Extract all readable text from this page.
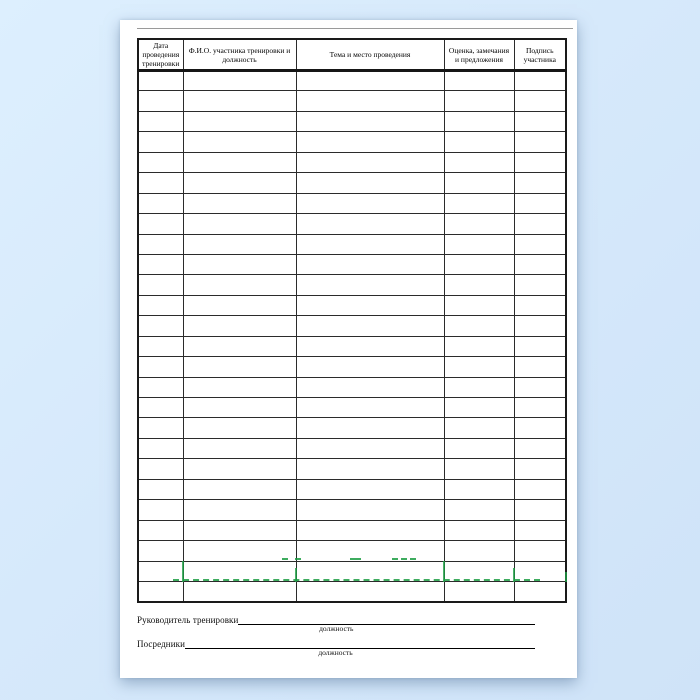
Дата проведения тренировки	Ф.И.О. участника тренировки и должность	Тема и место проведения	Оценка, замечания и предложения	Подпись участника

Руководитель тренировки
должность
Посредники
должность
